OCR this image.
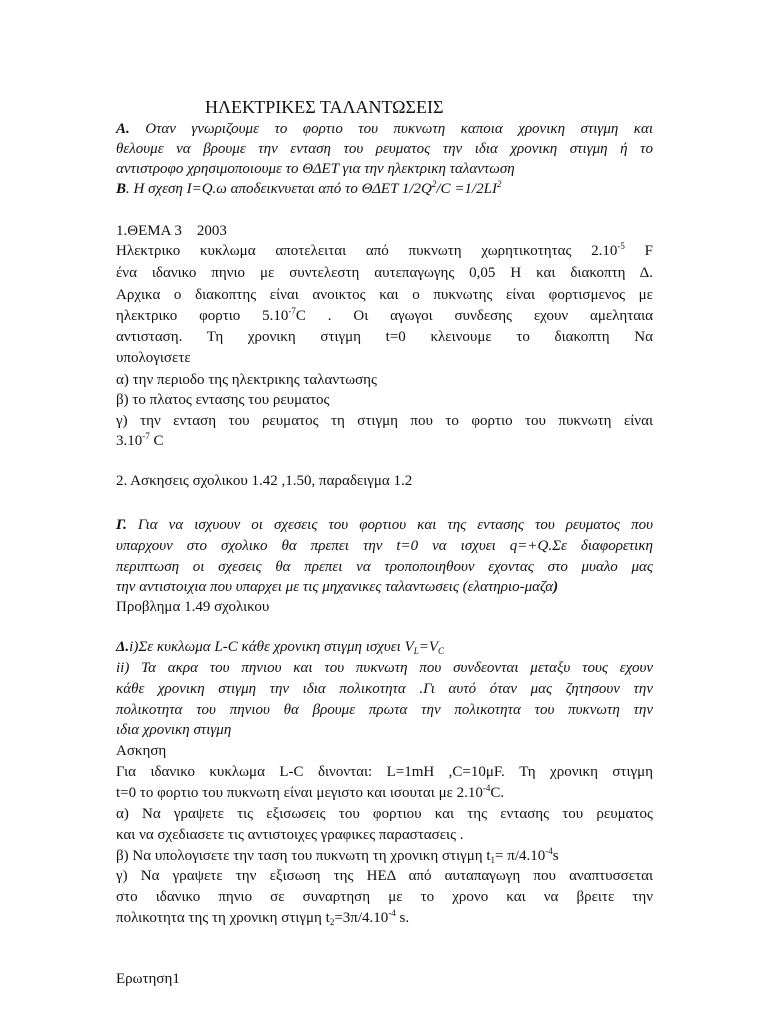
ΗΛΕΚΤΡΙΚΕΣ ΤΑΛΑΝΤΩΣΕΙΣ
Α. Οταν γνωριζουμε το φορτιο του πυκνωτη καποια χρονικη στιγμη και
θελουμε να βρουμε την ενταση του ρευματος την ιδια χρονικη στιγμη ή το
αντιστροφο χρησιμοποιουμε το ΘΔΕΤ για την ηλεκτρικη ταλαντωση
Β. Η σχεση I=Q.ω αποδεικνυεται από το ΘΔΕΤ $1/2Q^2/C =1/2LI^2$
1.ΘΕΜΑ 3 2003
Ηλεκτρικο κυκλωμα αποτελειται από πυκνωτη χωρητικοτητας $2.10^{-5}$ F
ένα ιδανικο πηνιο με συντελεστη αυτεπαγωγης 0,05 Η και διακοπτη Δ.
Αρχικα ο διακοπτης είναι ανοικτος και ο πυκνωτης είναι φορτισμενος με
ηλεκτρικο φορτιο $5.10^{-7}C$ . Οι αγωγοι συνδεσης εχουν αμεληταια
αντισταση. Τη χρονικη στιγμη t=0 κλεινουμε το διακοπτη Να
υπολογισετε
α) την περιοδο της ηλεκτρικης ταλαντωσης
β) το πλατος εντασης του ρευματος
γ) την ενταση του ρευματος τη στιγμη που το φορτιο του πυκνωτη είναι
$3.10^{-7}$ C
2. Ασκησεις σχολικου 1.42 ,1.50, παραδειγμα 1.2
Γ. Για να ισχυουν οι σχεσεις του φορτιου και της εντασης του ρευματος που
υπαρχουν στο σχολικο θα πρεπει την t=0 να ισχυει q=+Q.Σε διαφορετικη
περιπτωση οι σχεσεις θα πρεπει να τροποποιηθουν εχοντας στο μυαλο μας
την αντιστοιχια που υπαρχει με τις μηχανικες ταλαντωσεις (ελατηριο-μαζα)
Προβλημα 1.49 σχολικου
Δ.i)Σε κυκλωμα L-C κάθε χρονικη στιγμη ισχυει $V_L=V_C$
ii) Τα ακρα του πηνιου και του πυκνωτη που συνδεονται μεταξυ τους εχουν
κάθε χρονικη στιγμη την ιδια πολικοτητα .Γι αυτό όταν μας ζητησουν την
πολικοτητα του πηνιου θα βρουμε πρωτα την πολικοτητα του πυκνωτη την
ιδια χρονικη στιγμη
Ασκηση
Για ιδανικο κυκλωμα L-C δινονται: L=1mH ,C=10μF. Τη χρονικη στιγμη
t=0 το φορτιο του πυκνωτη είναι μεγιστο και ισουται με $2.10^{-4}C$.
α) Να γραψετε τις εξισωσεις του φορτιου και της εντασης του ρευματος
και να σχεδιασετε τις αντιστοιχες γραφικες παραστασεις .
β) Να υπολογισετε την ταση του πυκνωτη τη χρονικη στιγμη $t_1= \pi/4.10^{-4}s$
γ) Να γραψετε την εξισωση της ΗΕΔ από αυταπαγωγη που αναπτυσσεται
στο ιδανικο πηνιο σε συναρτηση με το χρονο και να βρειτε την
πολικοτητα της τη χρονικη στιγμη $t_2=3\pi/4.10^{-4}$ s.
Ερωτηση1
